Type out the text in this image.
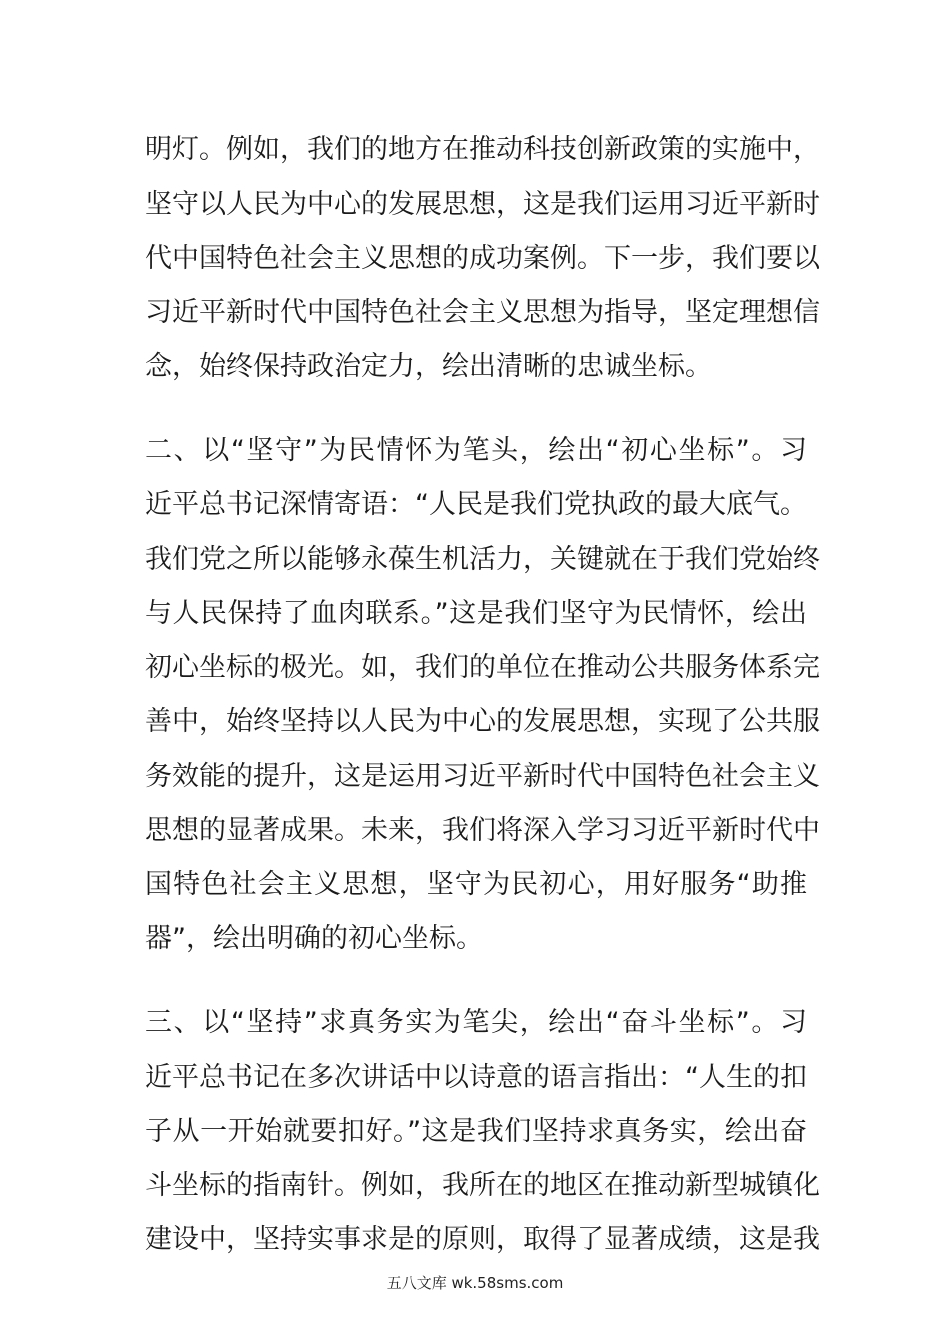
明灯。例如，我们的地方在推动科技创新政策的实施中，
坚守以人民为中心的发展思想，这是我们运用习近平新时
代中国特色社会主义思想的成功案例。下一步，我们要以
习近平新时代中国特色社会主义思想为指导，坚定理想信
念，始终保持政治定力，绘出清晰的忠诚坐标。
二、以“坚守”为民情怀为笔头，绘出“初心坐标”。习
近平总书记深情寄语：“人民是我们党执政的最大底气。
我们党之所以能够永葆生机活力，关键就在于我们党始终
与人民保持了血肉联系。”这是我们坚守为民情怀，绘出
初心坐标的极光。如，我们的单位在推动公共服务体系完
善中，始终坚持以人民为中心的发展思想，实现了公共服
务效能的提升，这是运用习近平新时代中国特色社会主义
思想的显著成果。未来，我们将深入学习习近平新时代中
国特色社会主义思想，坚守为民初心，用好服务“助推
器”，绘出明确的初心坐标。
三、以“坚持”求真务实为笔尖，绘出“奋斗坐标”。习
近平总书记在多次讲话中以诗意的语言指出：“人生的扣
子从一开始就要扣好。”这是我们坚持求真务实，绘出奋
斗坐标的指南针。例如，我所在的地区在推动新型城镇化
建设中，坚持实事求是的原则，取得了显著成绩，这是我
五八文库 wk.58sms.com
